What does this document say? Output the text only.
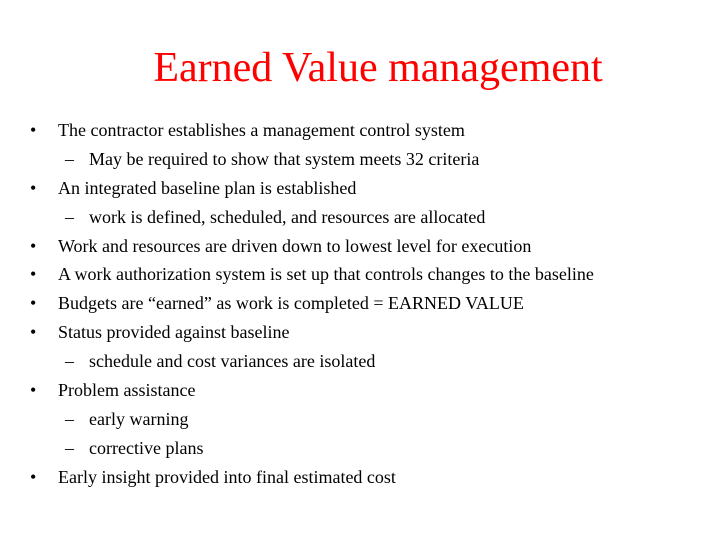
Earned Value management
• The contractor establishes a management control system
– May be required to show that system meets 32 criteria
• An integrated baseline plan is established
– work is defined, scheduled, and resources are allocated
• Work and resources are driven down to lowest level for execution
• A work authorization system is set up that controls changes to the baseline
• Budgets are “earned” as work is completed = EARNED VALUE
• Status provided against baseline
– schedule and cost variances are isolated
• Problem assistance
– early warning
– corrective plans
• Early insight provided into final estimated cost
